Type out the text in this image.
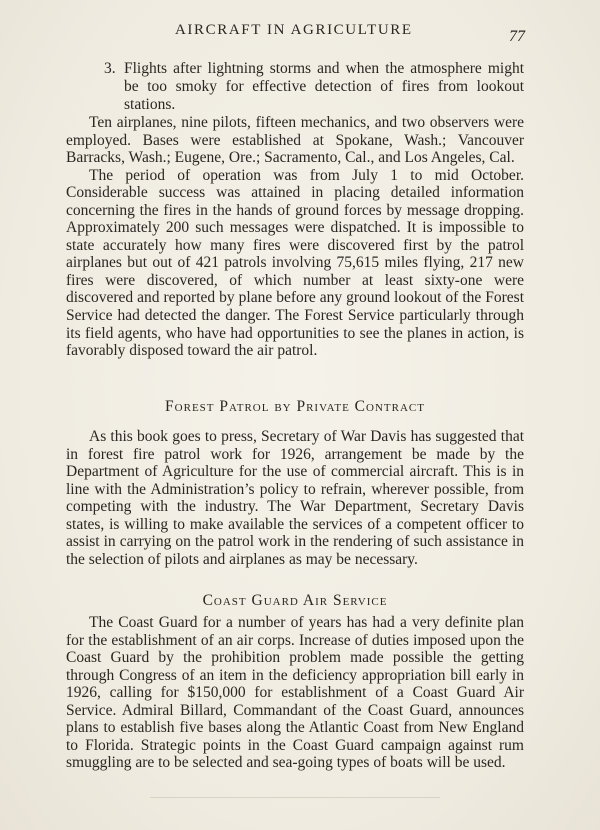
AIRCRAFT IN AGRICULTURE	77
3. Flights after lightning storms and when the atmosphere might be too smoky for effective detection of fires from lookout stations.

Ten airplanes, nine pilots, fifteen mechanics, and two observers were employed. Bases were established at Spokane, Wash.; Vancouver Barracks, Wash.; Eugene, Ore.; Sacramento, Cal., and Los Angeles, Cal.

The period of operation was from July 1 to mid October. Considerable success was attained in placing detailed information concerning the fires in the hands of ground forces by message dropping. Approximately 200 such messages were dispatched. It is impossible to state accurately how many fires were discovered first by the patrol airplanes but out of 421 patrols involving 75,615 miles flying, 217 new fires were discovered, of which number at least sixty-one were discovered and reported by plane before any ground lookout of the Forest Service had detected the danger. The Forest Service particularly through its field agents, who have had opportunities to see the planes in action, is favorably disposed toward the air patrol.

Forest Patrol by Private Contract

As this book goes to press, Secretary of War Davis has suggested that in forest fire patrol work for 1926, arrangement be made by the Department of Agriculture for the use of commercial aircraft. This is in line with the Administration’s policy to refrain, wherever possible, from competing with the industry. The War Department, Secretary Davis states, is willing to make available the services of a competent officer to assist in carrying on the patrol work in the rendering of such assistance in the selection of pilots and airplanes as may be necessary.

Coast Guard Air Service

The Coast Guard for a number of years has had a very definite plan for the establishment of an air corps. Increase of duties imposed upon the Coast Guard by the prohibition problem made possible the getting through Congress of an item in the deficiency appropriation bill early in 1926, calling for $150,000 for establishment of a Coast Guard Air Service. Admiral Billard, Commandant of the Coast Guard, announces plans to establish five bases along the Atlantic Coast from New England to Florida. Strategic points in the Coast Guard campaign against rum smuggling are to be selected and sea-going types of boats will be used.
